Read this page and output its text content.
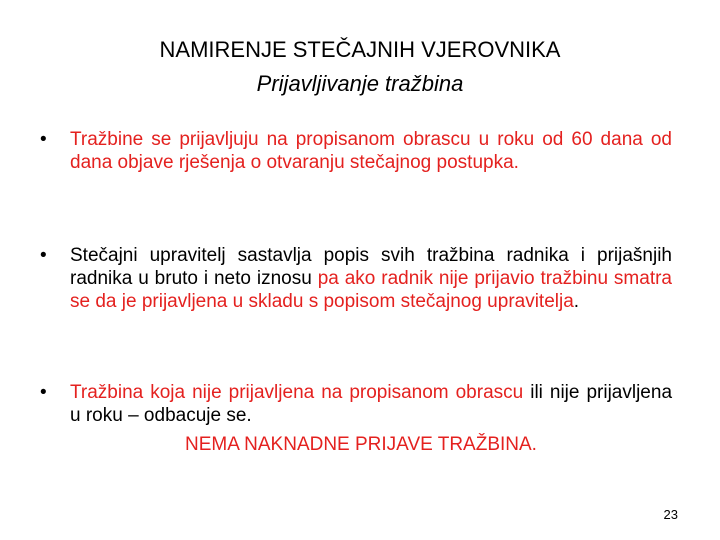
NAMIRENJE STEČAJNIH VJEROVNIKA
Prijavljivanje tražbina
•	Tražbine se prijavljuju na propisanom obrascu u roku od 60 dana od dana objave rješenja o otvaranju stečajnog postupka.
•	Stečajni upravitelj sastavlja popis svih tražbina radnika i prijašnjih radnika u bruto i neto iznosu pa ako radnik nije prijavio tražbinu smatra se da je prijavljena u skladu s popisom stečajnog upravitelja.
•	Tražbina koja nije prijavljena na propisanom obrascu ili nije prijavljena u roku – odbacuje se.
NEMA NAKNADNE PRIJAVE TRAŽBINA.
23
